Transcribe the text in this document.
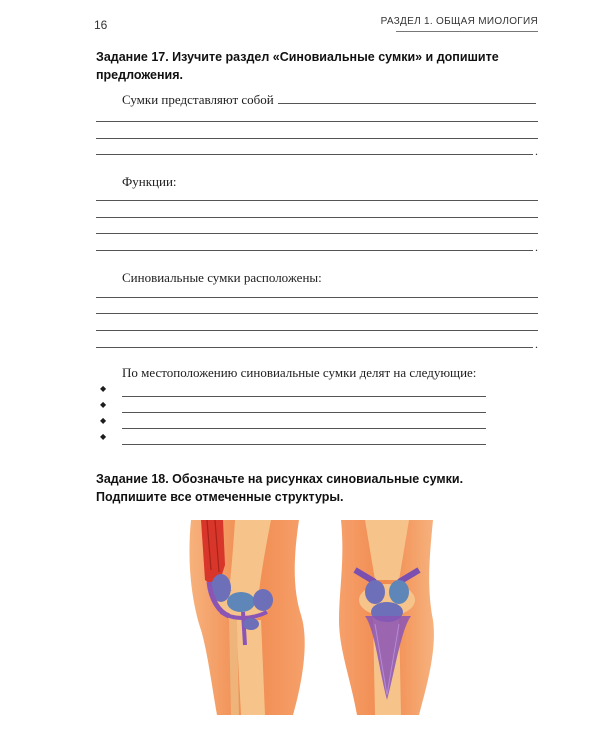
16	РАЗДЕЛ 1. ОБЩАЯ МИОЛОГИЯ
Задание 17. Изучите раздел «Синовиальные сумки» и допишите предложения.
Сумки представляют собой
.
Функции:
.
Синовиальные сумки расположены:
.
По местоположению синовиальные сумки делят на следующие:
◆
◆
◆
◆
Задание 18. Обозначьте на рисунках синовиальные сумки. Подпишите все отмеченные структуры.
